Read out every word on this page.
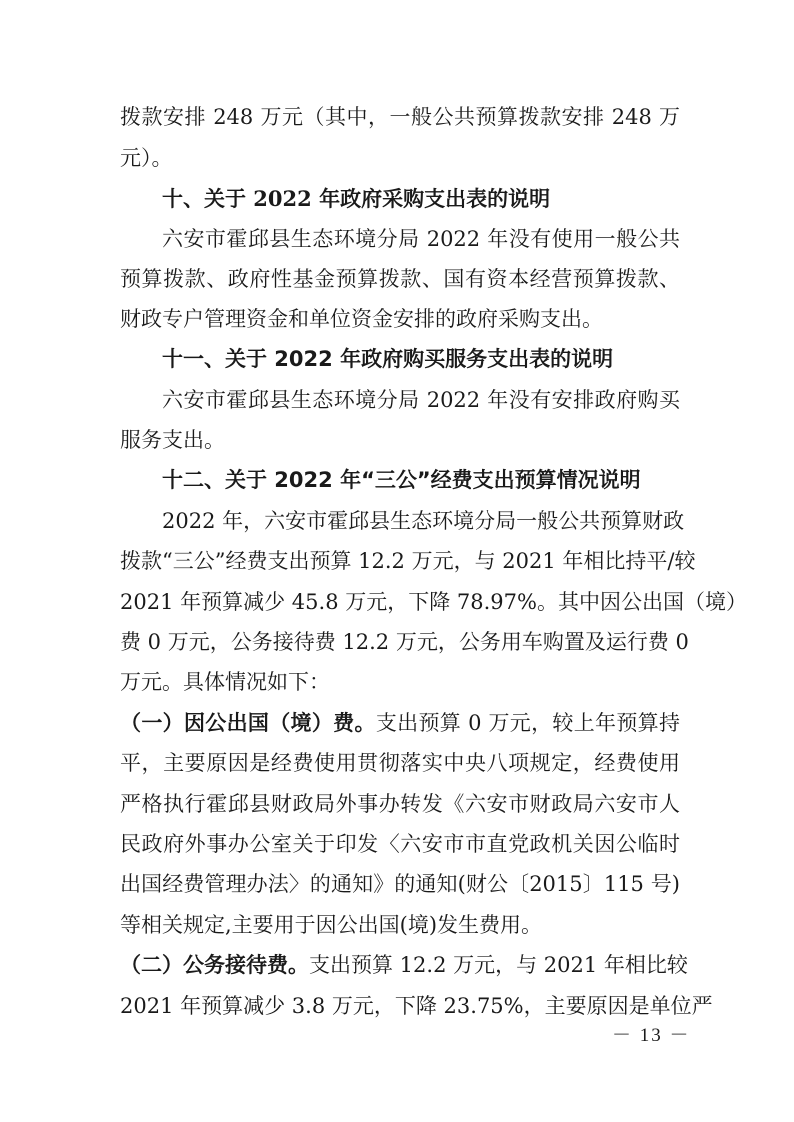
拨款安排 248 万元（其中，一般公共预算拨款安排 248 万
元）。
十、关于 2022 年政府采购支出表的说明
六安市霍邱县生态环境分局 2022 年没有使用一般公共
预算拨款、政府性基金预算拨款、国有资本经营预算拨款、
财政专户管理资金和单位资金安排的政府采购支出。
十一、关于 2022 年政府购买服务支出表的说明
六安市霍邱县生态环境分局 2022 年没有安排政府购买
服务支出。
十二、关于 2022 年“三公”经费支出预算情况说明
2022 年，六安市霍邱县生态环境分局一般公共预算财政
拨款“三公”经费支出预算 12.2 万元，与 2021 年相比持平/较
2021 年预算减少 45.8 万元，下降 78.97%。其中因公出国（境）
费 0 万元，公务接待费 12.2 万元，公务用车购置及运行费 0
万元。具体情况如下：
（一）因公出国（境）费。支出预算 0 万元，较上年预算持
平，主要原因是经费使用贯彻落实中央八项规定，经费使用
严格执行霍邱县财政局外事办转发《六安市财政局六安市人
民政府外事办公室关于印发〈六安市市直党政机关因公临时
出国经费管理办法〉的通知》的通知(财公〔2015〕115 号)
等相关规定,主要用于因公出国(境)发生费用。
（二）公务接待费。支出预算 12.2 万元，与 2021 年相比较
2021 年预算减少 3.8 万元，下降 23.75%，主要原因是单位严
－ 13 －
